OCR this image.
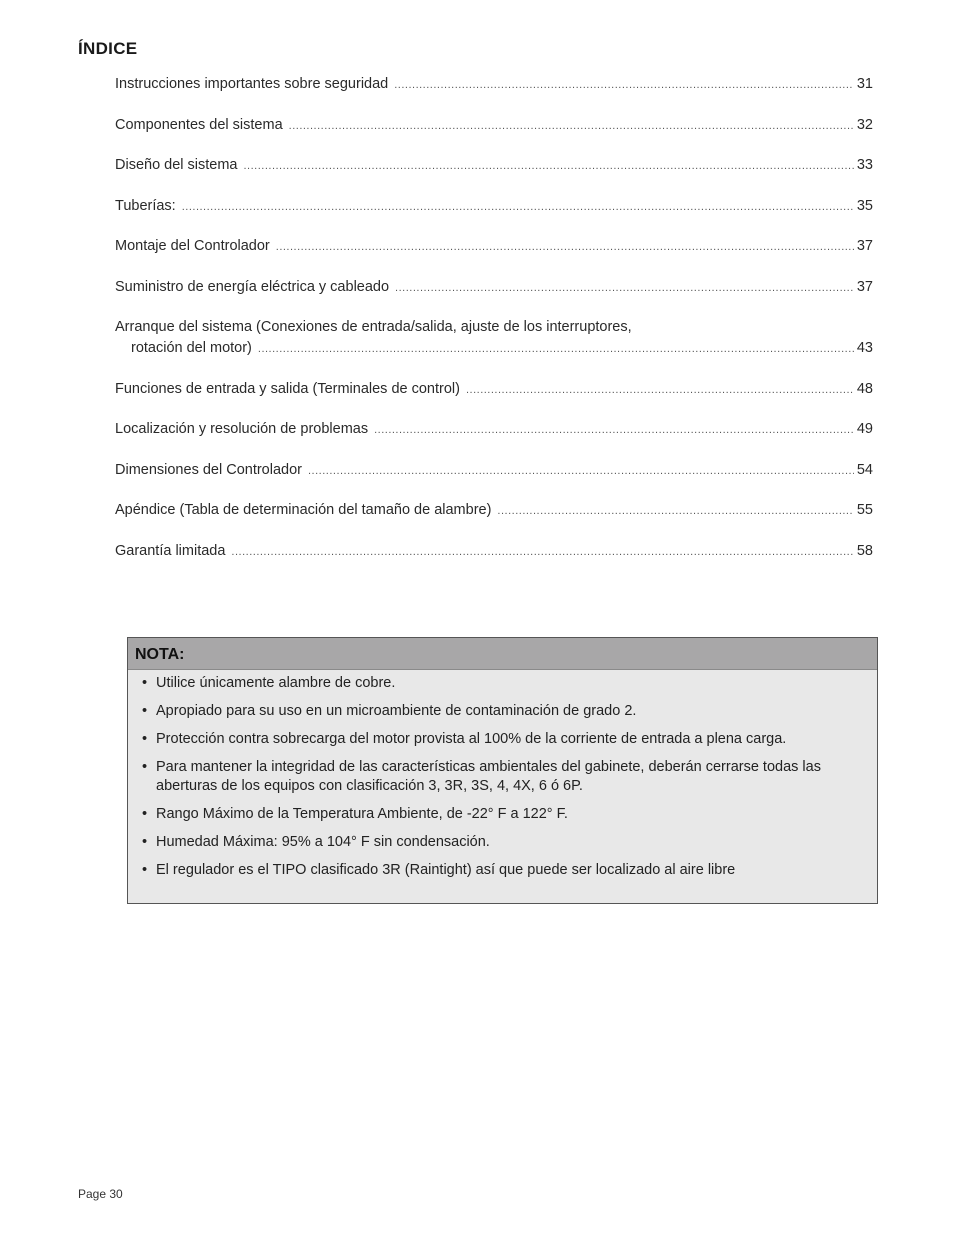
ÍNDICE
Instrucciones importantes sobre seguridad .....	31
Componentes del sistema .....	32
Diseño del sistema .....	33
Tuberías: .....	35
Montaje del Controlador .....	37
Suministro de energía eléctrica y cableado .....	37
Arranque del sistema (Conexiones de entrada/salida, ajuste de los interruptores,
rotación del motor) .....	43
Funciones de entrada y salida (Terminales de control) .....	48
Localización y resolución de problemas .....	49
Dimensiones del Controlador .....	54
Apéndice (Tabla de determinación del tamaño de alambre) .....	55
Garantía limitada .....	58
NOTA:
• Utilice únicamente alambre de cobre.
• Apropiado para su uso en un microambiente de contaminación de grado 2.
• Protección contra sobrecarga del motor provista al 100% de la corriente de entrada a plena carga.
• Para mantener la integridad de las características ambientales del gabinete, deberán cerrarse todas las aberturas de los equipos con clasificación 3, 3R, 3S, 4, 4X, 6 ó 6P.
• Rango Máximo de la Temperatura Ambiente, de -22° F a 122° F.
• Humedad Máxima: 95% a 104° F sin condensación.
• El regulador es el TIPO clasificado 3R (Raintight) así que puede ser localizado al aire libre
Page 30
